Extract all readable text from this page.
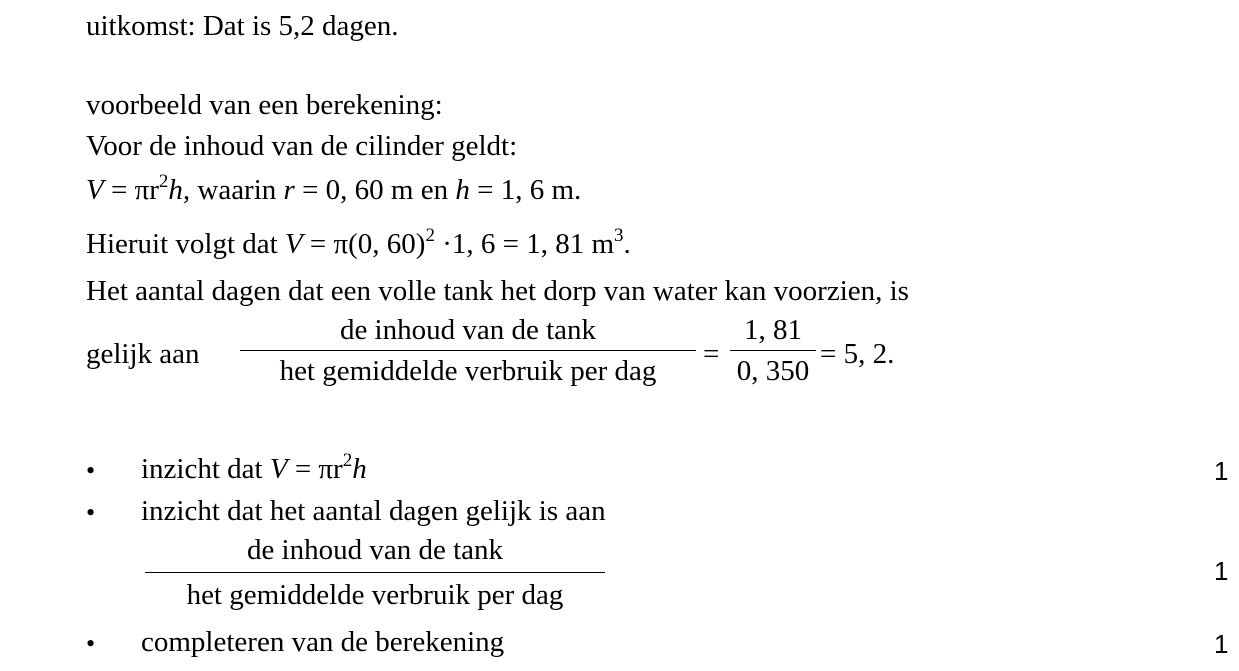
uitkomst: Dat is 5,2 dagen.
voorbeeld van een berekening:
Voor de inhoud van de cilinder geldt:
$V = \pi r^2h$, waarin r = 0, 60 m en h = 1, 6 m.
Hieruit volgt dat V = π(0, 60)$^2$ ·1, 6 = 1, 81 $m^3$.
Het aantal dagen dat een volle tank het dorp van water kan voorzien, is
gelijk aan
de inhoud van de tank
het gemiddelde verbruik per dag
=
1, 81
0, 350
= 5, 2.
• inzicht dat $V = \pi r^2h$	1
• inzicht dat het aantal dagen gelijk is aan
de inhoud van de tank
het gemiddelde verbruik per dag
1
• completeren van de berekening	1
